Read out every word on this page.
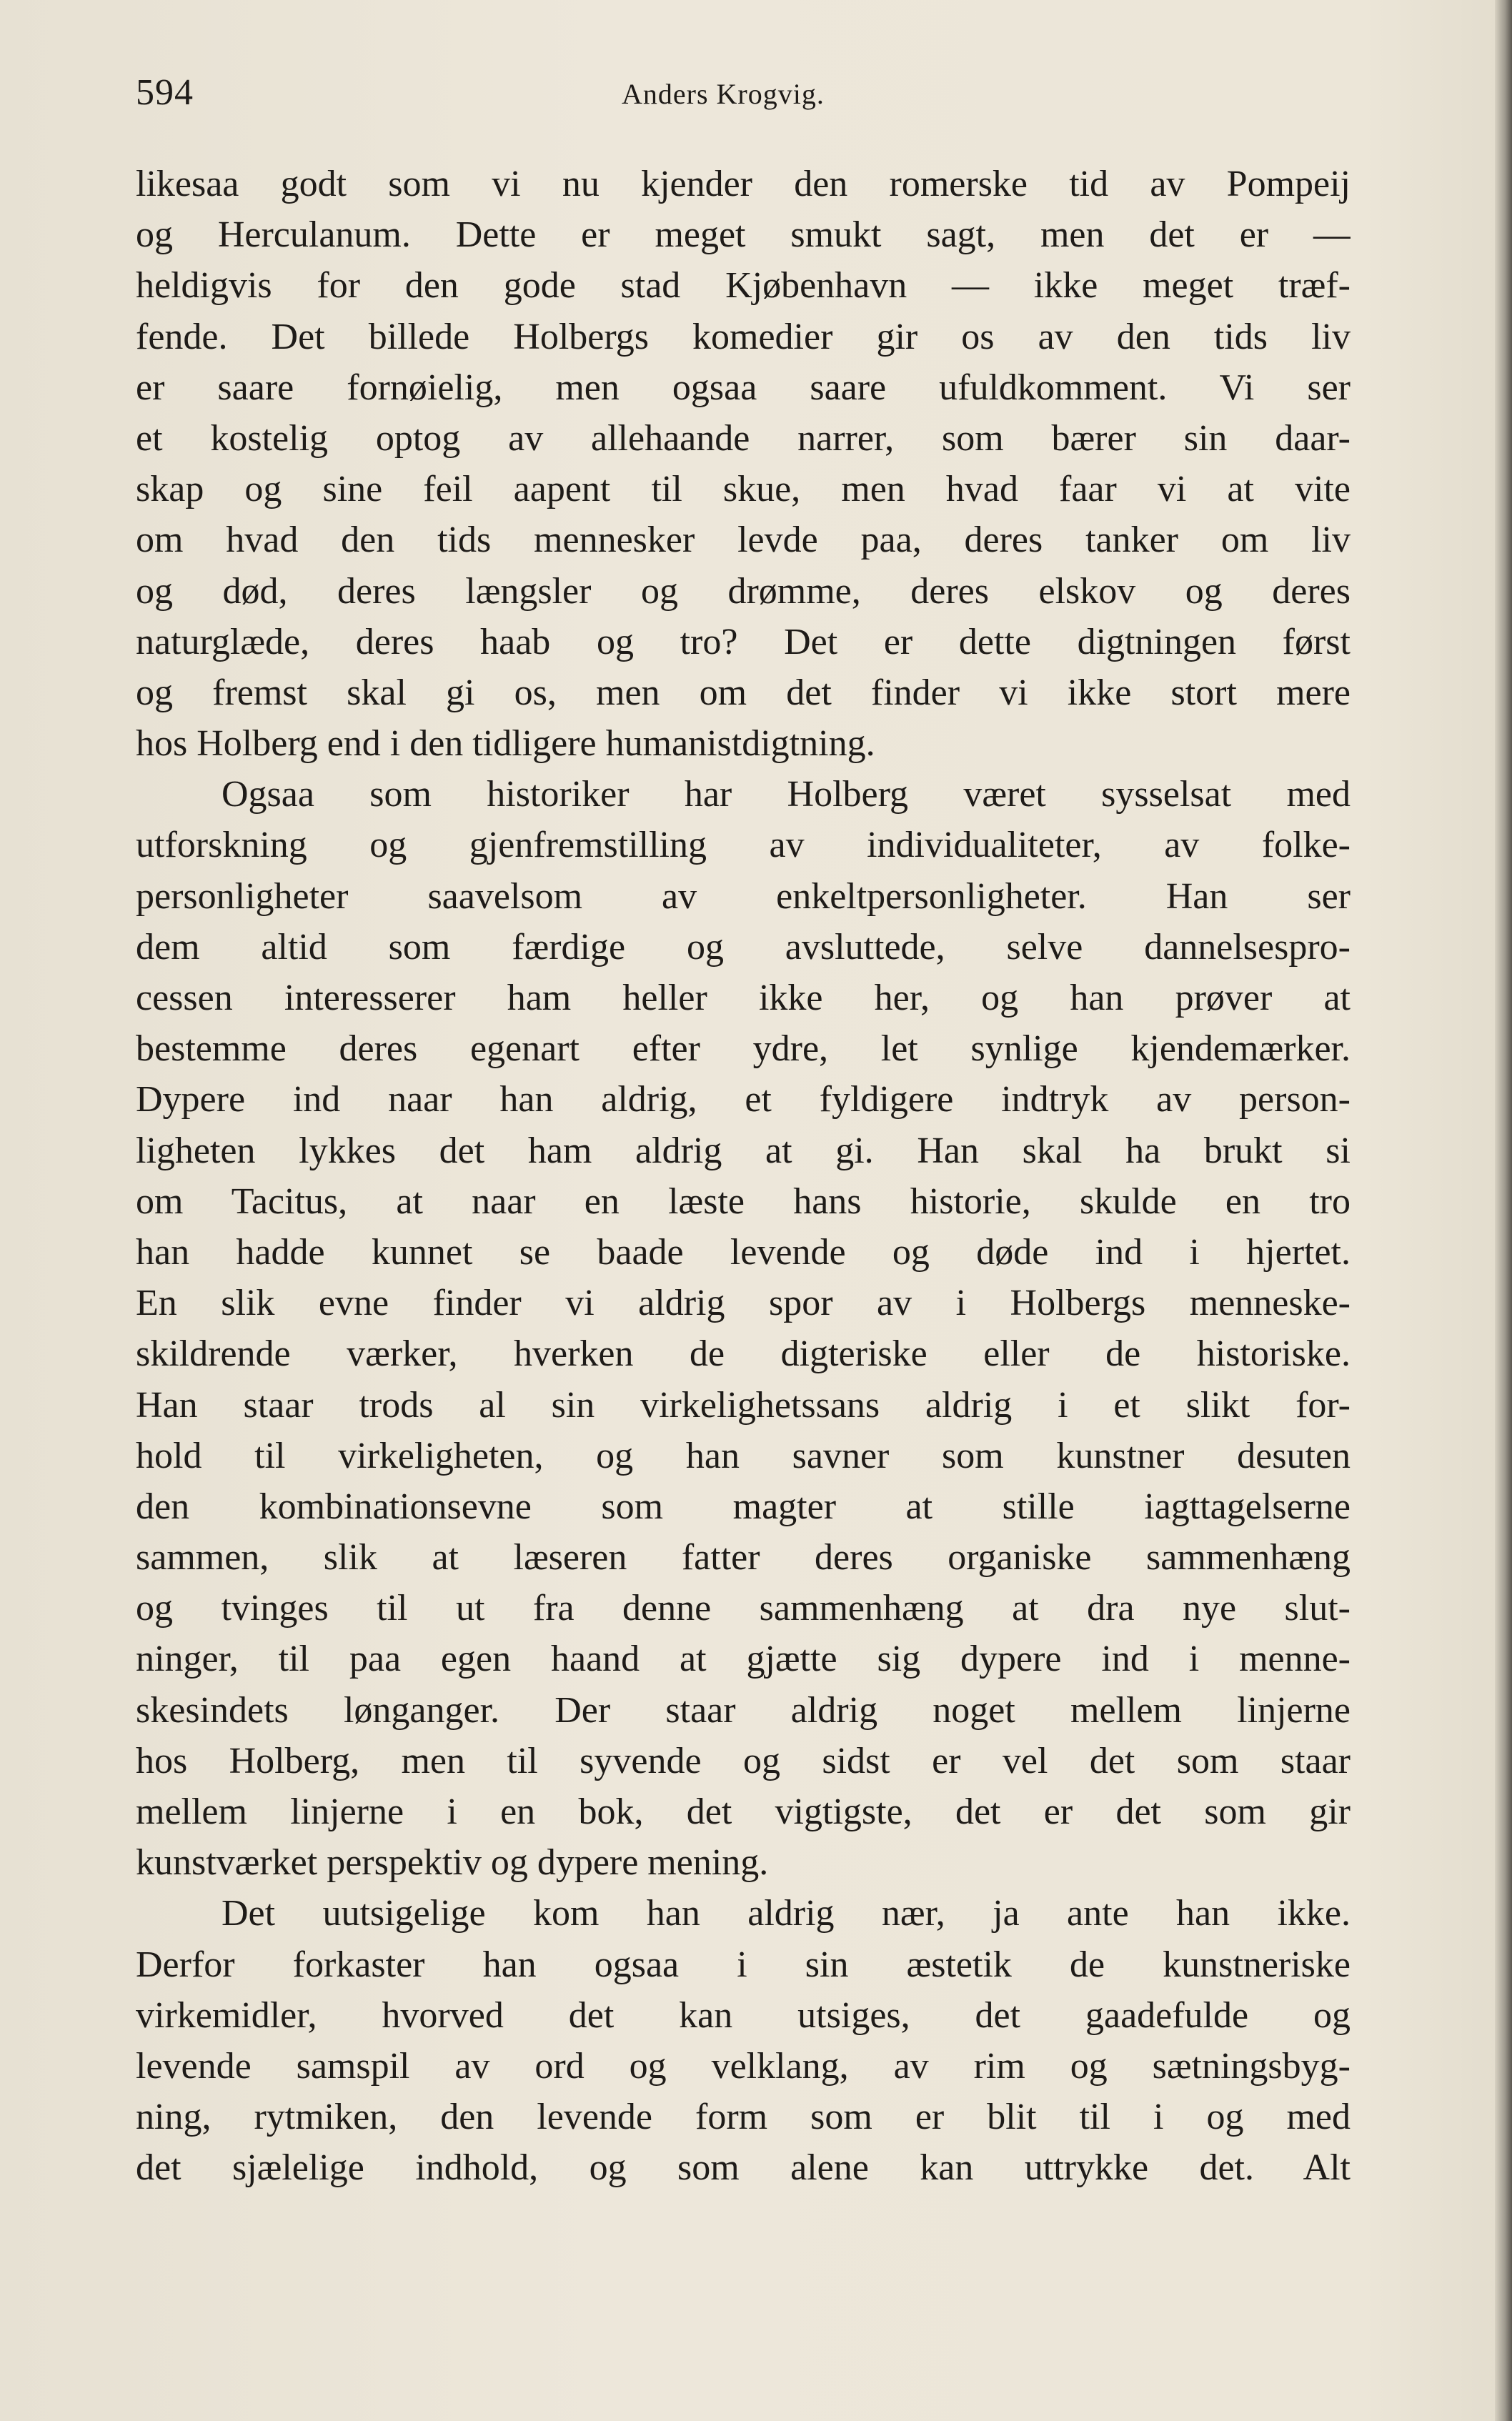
594	Anders Krogvig.
likesaa godt som vi nu kjender den romerske tid av Pompeij
og Herculanum. Dette er meget smukt sagt, men det er —
heldigvis for den gode stad Kjøbenhavn — ikke meget træf-
fende. Det billede Holbergs komedier gir os av den tids liv
er saare fornøielig, men ogsaa saare ufuldkomment. Vi ser
et kostelig optog av allehaande narrer, som bærer sin daar-
skap og sine feil aapent til skue, men hvad faar vi at vite
om hvad den tids mennesker levde paa, deres tanker om liv
og død, deres længsler og drømme, deres elskov og deres
naturglæde, deres haab og tro? Det er dette digtningen først
og fremst skal gi os, men om det finder vi ikke stort mere
hos Holberg end i den tidligere humanistdigtning.
Ogsaa som historiker har Holberg været sysselsat med
utforskning og gjenfremstilling av individualiteter, av folke-
personligheter saavelsom av enkeltpersonligheter. Han ser
dem altid som færdige og avsluttede, selve dannelsespro-
cessen interesserer ham heller ikke her, og han prøver at
bestemme deres egenart efter ydre, let synlige kjendemærker.
Dypere ind naar han aldrig, et fyldigere indtryk av person-
ligheten lykkes det ham aldrig at gi. Han skal ha brukt si
om Tacitus, at naar en læste hans historie, skulde en tro
han hadde kunnet se baade levende og døde ind i hjertet.
En slik evne finder vi aldrig spor av i Holbergs menneske-
skildrende værker, hverken de digteriske eller de historiske.
Han staar trods al sin virkelighetssans aldrig i et slikt for-
hold til virkeligheten, og han savner som kunstner desuten
den kombinationsevne som magter at stille iagttagelserne
sammen, slik at læseren fatter deres organiske sammenhæng
og tvinges til ut fra denne sammenhæng at dra nye slut-
ninger, til paa egen haand at gjætte sig dypere ind i menne-
skesindets lønganger. Der staar aldrig noget mellem linjerne
hos Holberg, men til syvende og sidst er vel det som staar
mellem linjerne i en bok, det vigtigste, det er det som gir
kunstværket perspektiv og dypere mening.
Det uutsigelige kom han aldrig nær, ja ante han ikke.
Derfor forkaster han ogsaa i sin æstetik de kunstneriske
virkemidler, hvorved det kan utsiges, det gaadefulde og
levende samspil av ord og velklang, av rim og sætningsbyg-
ning, rytmiken, den levende form som er blit til i og med
det sjælelige indhold, og som alene kan uttrykke det. Alt
